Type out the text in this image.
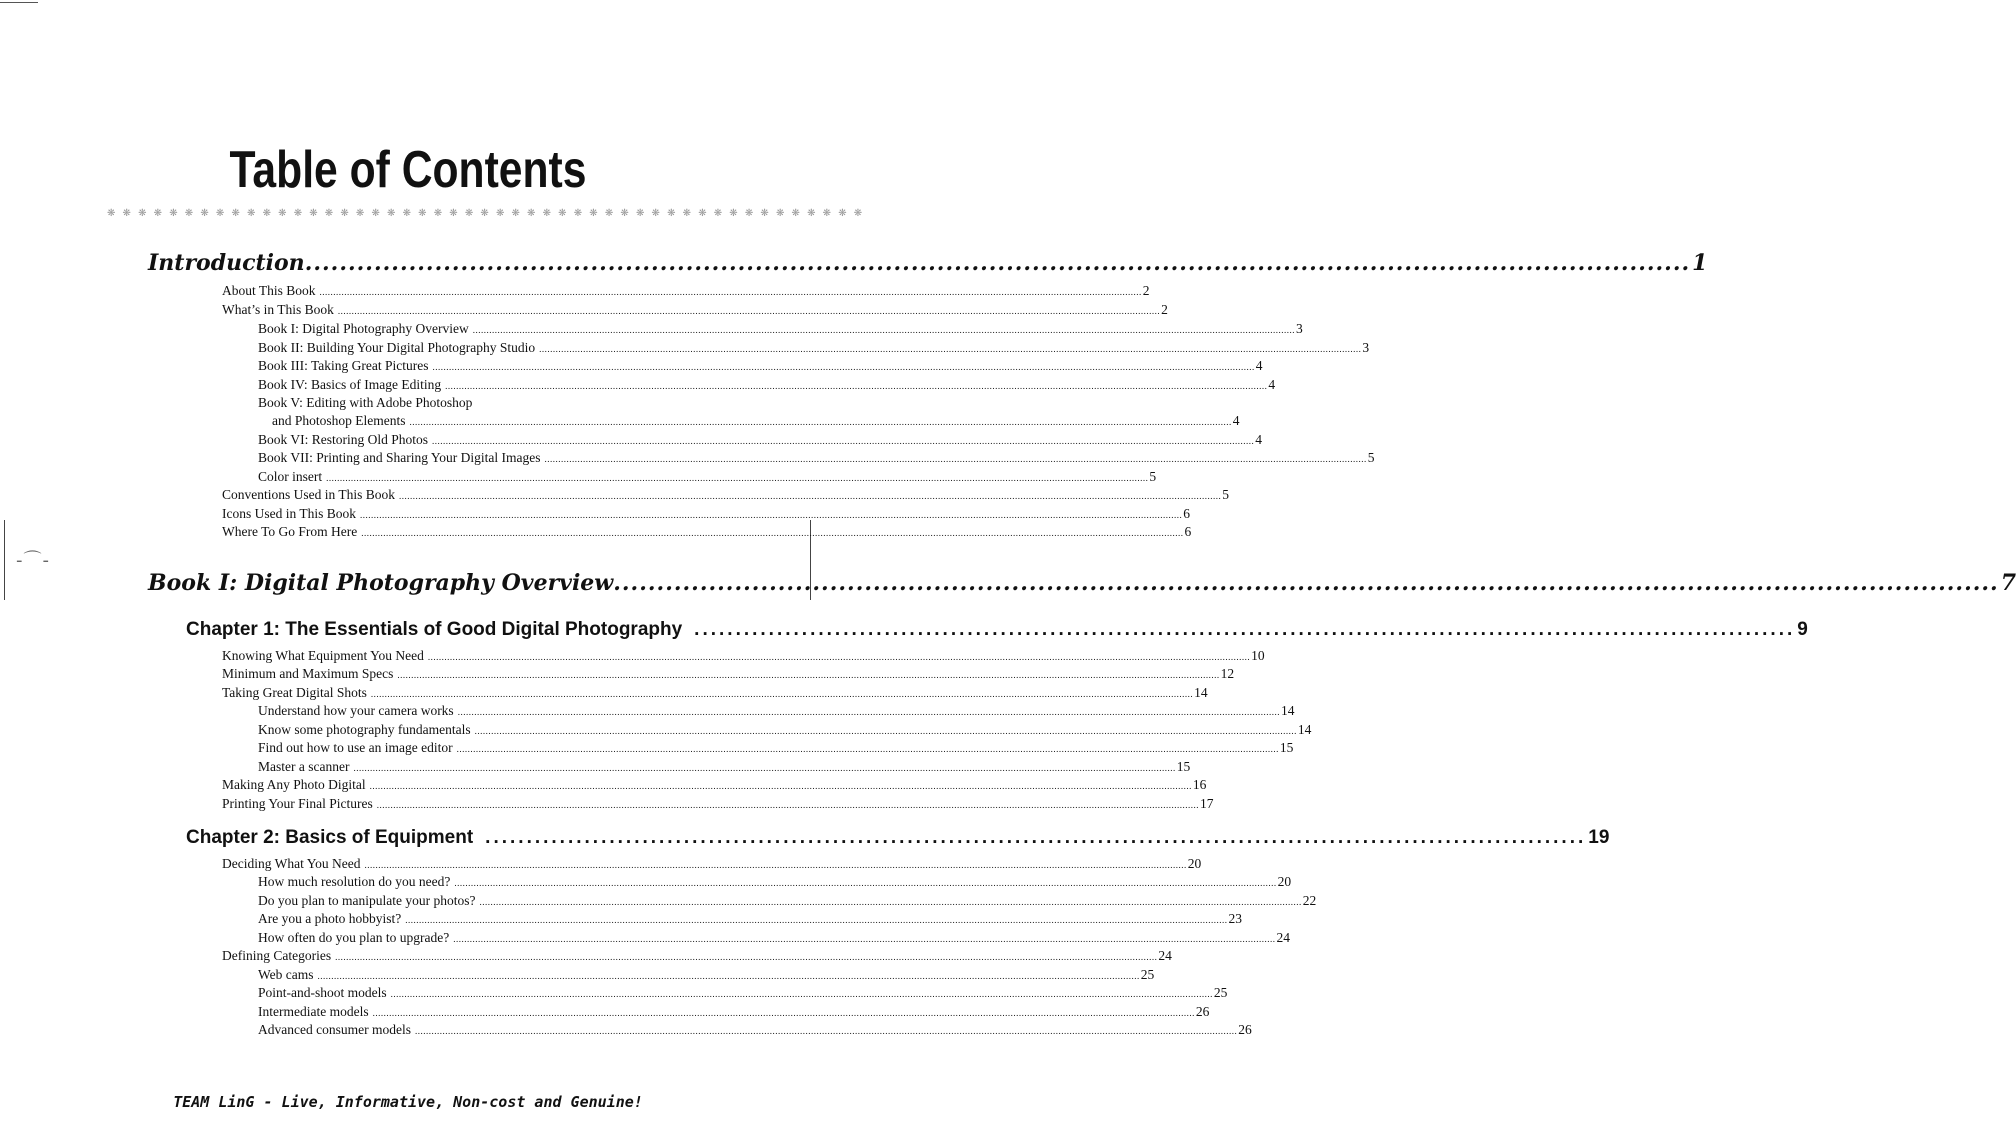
-⌒-
Table of Contents
❋ ❋ ❋ ❋ ❋ ❋ ❋ ❋ ❋ ❋ ❋ ❋ ❋ ❋ ❋ ❋ ❋ ❋ ❋ ❋ ❋ ❋ ❋ ❋ ❋ ❋ ❋ ❋ ❋ ❋ ❋ ❋ ❋ ❋ ❋ ❋ ❋ ❋ ❋ ❋ ❋ ❋ ❋ ❋ ❋ ❋ ❋ ❋ ❋
Introduction .....	1
About This Book .....	2
What’s in This Book .....	2
Book I: Digital Photography Overview .....	3
Book II: Building Your Digital Photography Studio .....	3
Book III: Taking Great Pictures .....	4
Book IV: Basics of Image Editing .....	4
Book V: Editing with Adobe Photoshop
and Photoshop Elements .....	4
Book VI: Restoring Old Photos .....	4
Book VII: Printing and Sharing Your Digital Images .....	5
Color insert .....	5
Conventions Used in This Book .....	5
Icons Used in This Book .....	6
Where To Go From Here .....	6
Book I: Digital Photography Overview .....	7
Chapter 1: The Essentials of Good Digital Photography .....	9
Knowing What Equipment You Need .....	10
Minimum and Maximum Specs .....	12
Taking Great Digital Shots .....	14
Understand how your camera works .....	14
Know some photography fundamentals .....	14
Find out how to use an image editor .....	15
Master a scanner .....	15
Making Any Photo Digital .....	16
Printing Your Final Pictures .....	17
Chapter 2: Basics of Equipment .....	19
Deciding What You Need .....	20
How much resolution do you need? .....	20
Do you plan to manipulate your photos? .....	22
Are you a photo hobbyist? .....	23
How often do you plan to upgrade? .....	24
Defining Categories .....	24
Web cams .....	25
Point-and-shoot models .....	25
Intermediate models .....	26
Advanced consumer models .....	26
TEAM LinG - Live, Informative, Non-cost and Genuine!
